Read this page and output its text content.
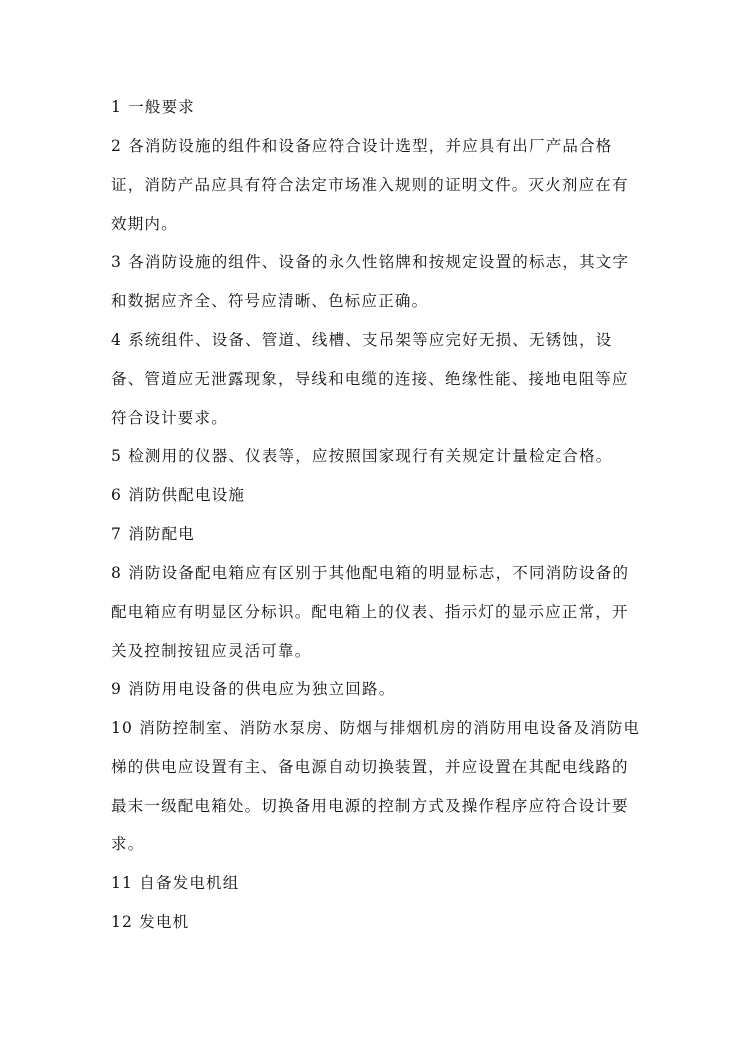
1 一般要求

2 各消防设施的组件和设备应符合设计选型，并应具有出厂产品合格证，消防产品应具有符合法定市场准入规则的证明文件。灭火剂应在有效期内。

3 各消防设施的组件、设备的永久性铭牌和按规定设置的标志，其文字和数据应齐全、符号应清晰、色标应正确。

4 系统组件、设备、管道、线槽、支吊架等应完好无损、无锈蚀，设备、管道应无泄露现象，导线和电缆的连接、绝缘性能、接地电阻等应符合设计要求。

5 检测用的仪器、仪表等，应按照国家现行有关规定计量检定合格。

6 消防供配电设施

7 消防配电

8 消防设备配电箱应有区别于其他配电箱的明显标志，不同消防设备的配电箱应有明显区分标识。配电箱上的仪表、指示灯的显示应正常，开关及控制按钮应灵活可靠。

9 消防用电设备的供电应为独立回路。

10 消防控制室、消防水泵房、防烟与排烟机房的消防用电设备及消防电梯的供电应设置有主、备电源自动切换装置，并应设置在其配电线路的最末一级配电箱处。切换备用电源的控制方式及操作程序应符合设计要求。

11 自备发电机组

12 发电机
